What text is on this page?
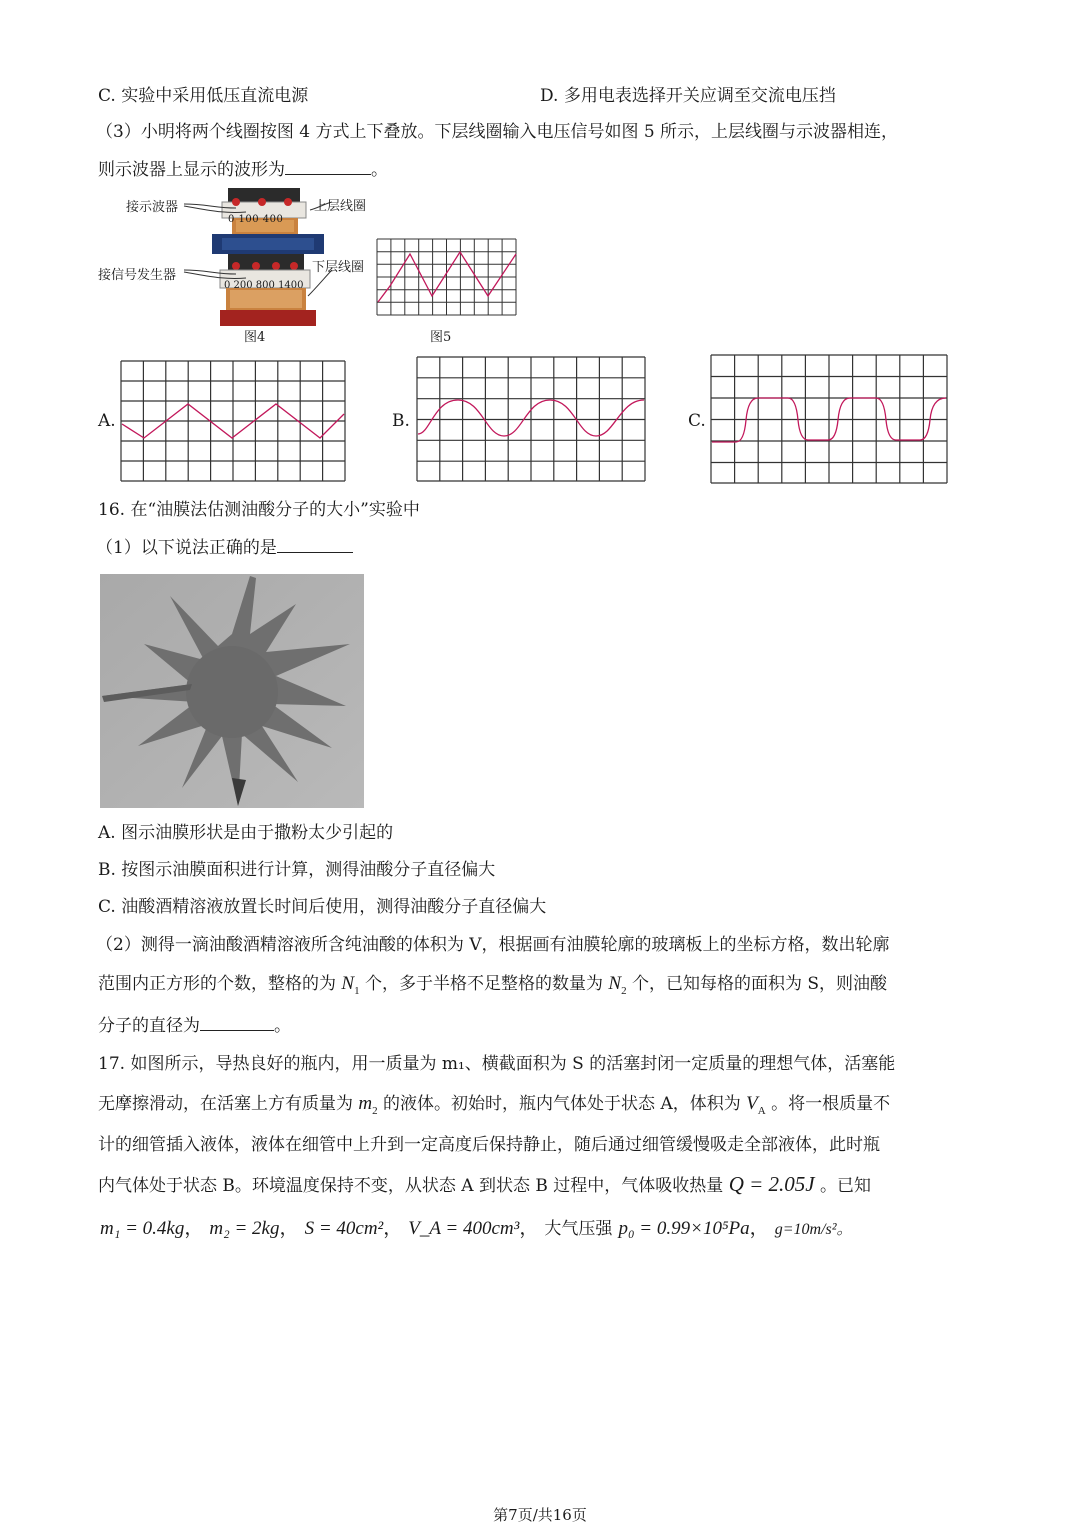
C. 实验中采用低压直流电源	D. 多用电表选择开关应调至交流电压挡
（3）小明将两个线圈按图 4 方式上下叠放。下层线圈输入电压信号如图 5 所示，上层线圈与示波器相连，
则示波器上显示的波形为	。
接示波器	上层线圈
0 100 400
接信号发生器
下层线圈
0 200 800 1400
图4	图5
A.	B.	C.
16. 在“油膜法估测油酸分子的大小”实验中
（1）以下说法正确的是
A. 图示油膜形状是由于撒粉太少引起的
B. 按图示油膜面积进行计算，测得油酸分子直径偏大
C. 油酸酒精溶液放置长时间后使用，测得油酸分子直径偏大
（2）测得一滴油酸酒精溶液所含纯油酸的体积为 V，根据画有油膜轮廓的玻璃板上的坐标方格，数出轮廓
范围内正方形的个数，整格的为 $N_1$ 个，多于半格不足整格的数量为 $N_2$ 个，已知每格的面积为 S，则油酸
分子的直径为	。
17. 如图所示，导热良好的瓶内，用一质量为 m₁、横截面积为 S 的活塞封闭一定质量的理想气体，活塞能
无摩擦滑动，在活塞上方有质量为 $m_2$ 的液体。初始时，瓶内气体处于状态 A，体积为 $V_A$ 。将一根质量不
计的细管插入液体，液体在细管中上升到一定高度后保持静止，随后通过细管缓慢吸走全部液体，此时瓶
内气体处于状态 B。环境温度保持不变，从状态 A 到状态 B 过程中，气体吸收热量 Q = 2.05J 。已知
m₁ = 0.4kg， m₂ = 2kg， S = 40cm²， V_A = 400cm³， 大气压强 p₀ = 0.99×10⁵Pa， g=10m/s²。
第7页/共16页
